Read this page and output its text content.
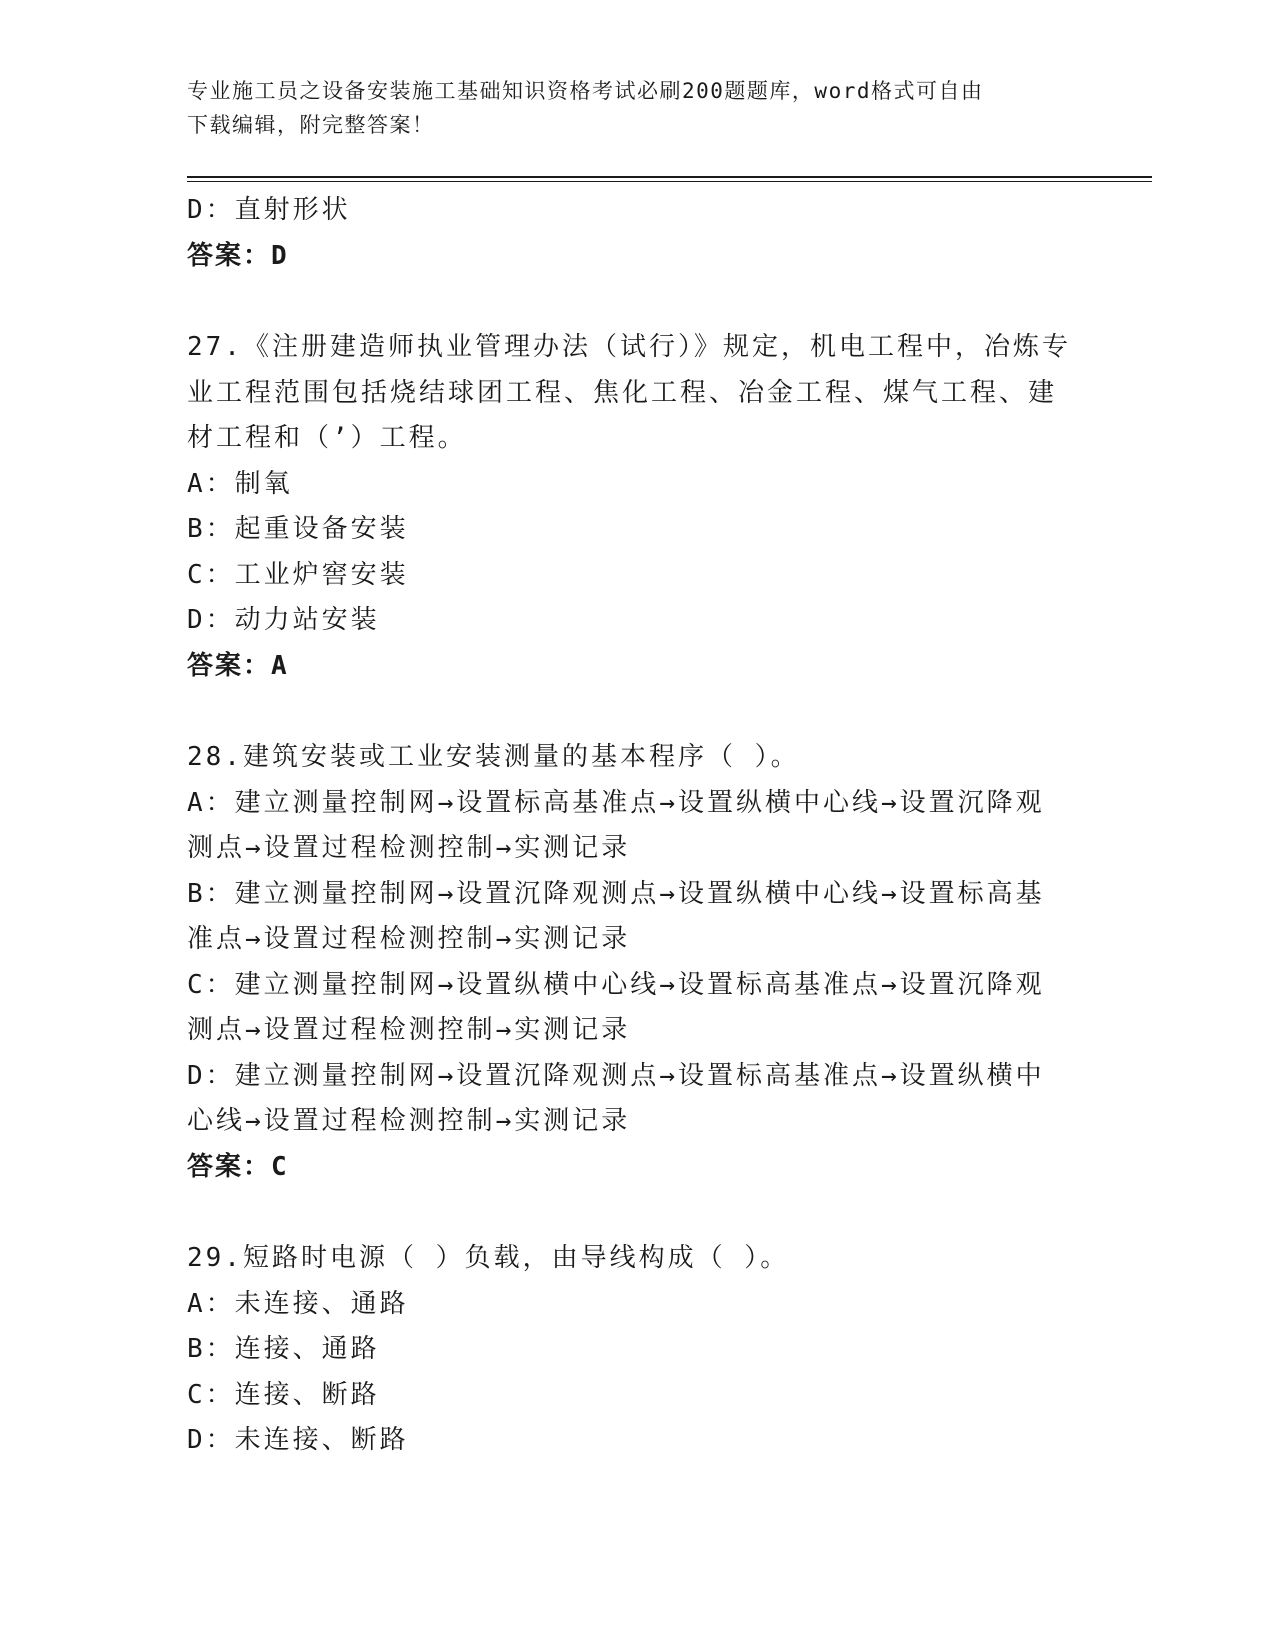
专业施工员之设备安装施工基础知识资格考试必刷200题题库，word格式可自由
下载编辑，附完整答案！
D：直射形状
答案：D
27.《注册建造师执业管理办法（试行）》规定，机电工程中，冶炼专
业工程范围包括烧结球团工程、焦化工程、冶金工程、煤气工程、建
材工程和（’）工程。
A：制氧
B：起重设备安装
C：工业炉窖安装
D：动力站安装
答案：A
28.建筑安装或工业安装测量的基本程序（ ）。
A：建立测量控制网→设置标高基准点→设置纵横中心线→设置沉降观
测点→设置过程检测控制→实测记录
B：建立测量控制网→设置沉降观测点→设置纵横中心线→设置标高基
准点→设置过程检测控制→实测记录
C：建立测量控制网→设置纵横中心线→设置标高基准点→设置沉降观
测点→设置过程检测控制→实测记录
D：建立测量控制网→设置沉降观测点→设置标高基准点→设置纵横中
心线→设置过程检测控制→实测记录
答案：C
29.短路时电源（ ）负载，由导线构成（ ）。
A：未连接、通路
B：连接、通路
C：连接、断路
D：未连接、断路
